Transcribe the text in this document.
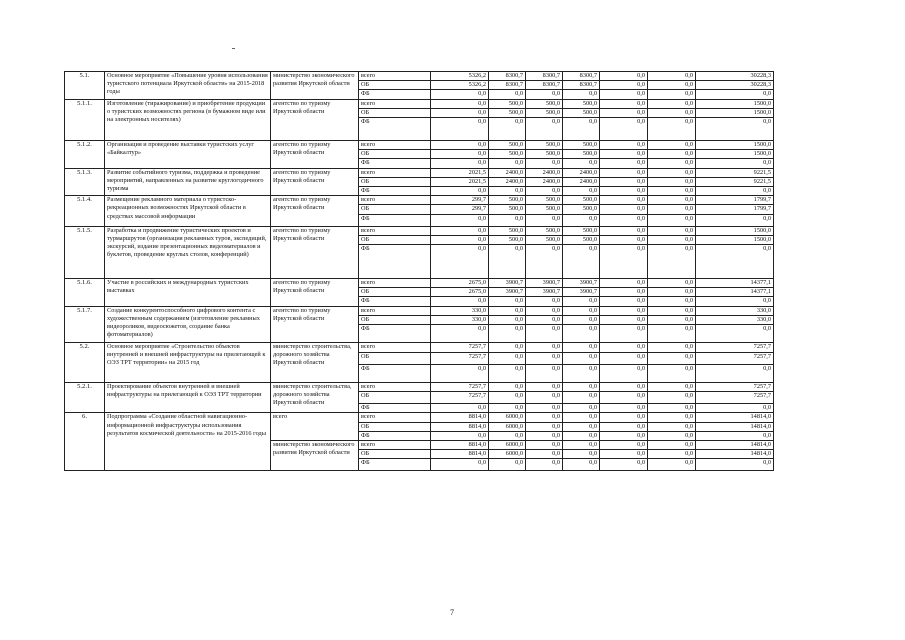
5.1.	Основное мероприятие «Повышение уровня использования туристского потенциала Иркутской области» на 2015-2018 годы	министерство экономического развития Иркутской области	всего	5326,2	8300,7	8300,7	8300,7	0,0	0,0	30228,3
			ОБ	5326,2	8300,7	8300,7	8300,7	0,0	0,0	30228,3
			ФБ	0,0	0,0	0,0	0,0	0,0	0,0	0,0
5.1.1.	Изготовление (тиражирование) и приобретение продукции о туристских возможностях региона (в бумажном виде или на электронных носителях)	агентство по туризму Иркутской области	всего	0,0	500,0	500,0	500,0	0,0	0,0	1500,0
			ОБ	0,0	500,0	500,0	500,0	0,0	0,0	1500,0
			ФБ	0,0	0,0	0,0	0,0	0,0	0,0	0,0
5.1.2.	Организация и проведение выставки туристских услуг «Байкалтур»	агентство по туризму Иркутской области	всего	0,0	500,0	500,0	500,0	0,0	0,0	1500,0
			ОБ	0,0	500,0	500,0	500,0	0,0	0,0	1500,0
			ФБ	0,0	0,0	0,0	0,0	0,0	0,0	0,0
5.1.3.	Развитие событийного туризма, поддержка и проведение мероприятий, направленных на развитие круглогодичного туризма	агентство по туризму Иркутской области	всего	2021,5	2400,0	2400,0	2400,0	0,0	0,0	9221,5
			ОБ	2021,5	2400,0	2400,0	2400,0	0,0	0,0	9221,5
			ФБ	0,0	0,0	0,0	0,0	0,0	0,0	0,0
5.1.4.	Размещение рекламного материала о туристско-рекреационных возможностях Иркутской области в средствах массовой информации	агентство по туризму Иркутской области	всего	299,7	500,0	500,0	500,0	0,0	0,0	1799,7
			ОБ	299,7	500,0	500,0	500,0	0,0	0,0	1799,7
			ФБ	0,0	0,0	0,0	0,0	0,0	0,0	0,0
5.1.5.	Разработка и продвижение туристических проектов и турмаршрутов (организация рекламных туров, экспедиций, экскурсий, издание презентационных видеоматериалов и буклетов, проведение круглых столов, конференций)	агентство по туризму Иркутской области	всего	0,0	500,0	500,0	500,0	0,0	0,0	1500,0
			ОБ	0,0	500,0	500,0	500,0	0,0	0,0	1500,0
			ФБ	0,0	0,0	0,0	0,0	0,0	0,0	0,0
5.1.6.	Участие в российских и международных туристских выставках	агентство по туризму Иркутской области	всего	2675,0	3900,7	3900,7	3900,7	0,0	0,0	14377,1
			ОБ	2675,0	3900,7	3900,7	3900,7	0,0	0,0	14377,1
			ФБ	0,0	0,0	0,0	0,0	0,0	0,0	0,0
5.1.7.	Создание конкурентоспособного цифрового контента с художественным содержанием (изготовление рекламных видеороликов, видеосюжетов, создание банка фотоматериалов)	агентство по туризму Иркутской области	всего	330,0	0,0	0,0	0,0	0,0	0,0	330,0
			ОБ	330,0	0,0	0,0	0,0	0,0	0,0	330,0
			ФБ	0,0	0,0	0,0	0,0	0,0	0,0	0,0
5.2.	Основное мероприятие «Строительство объектов внутренней и внешней инфраструктуры на прилегающей к ОЭЗ ТРТ территории» на 2015 год	министерство строительства, дорожного хозяйства Иркутской области	всего	7257,7	0,0	0,0	0,0	0,0	0,0	7257,7
			ОБ	7257,7	0,0	0,0	0,0	0,0	0,0	7257,7
			ФБ	0,0	0,0	0,0	0,0	0,0	0,0	0,0
5.2.1.	Проектирование объектов внутренней и внешней инфраструктуры на прилегающей к ОЭЗ ТРТ территории	министерство строительства, дорожного хозяйства Иркутской области	всего	7257,7	0,0	0,0	0,0	0,0	0,0	7257,7
			ОБ	7257,7	0,0	0,0	0,0	0,0	0,0	7257,7
			ФБ	0,0	0,0	0,0	0,0	0,0	0,0	0,0
6.	Подпрограмма «Создание областной навигационно-информационной инфраструктуры использования результатов космической деятельности» на 2015-2016 годы	всего	всего	8814,0	6000,0	0,0	0,0	0,0	0,0	14814,0
			ОБ	8814,0	6000,0	0,0	0,0	0,0	0,0	14814,0
			ФБ	0,0	0,0	0,0	0,0	0,0	0,0	0,0
		министерство экономического развития Иркутской области	всего	8814,0	6000,0	0,0	0,0	0,0	0,0	14814,0
			ОБ	8814,0	6000,0	0,0	0,0	0,0	0,0	14814,0
			ФБ	0,0	0,0	0,0	0,0	0,0	0,0	0,0
7
